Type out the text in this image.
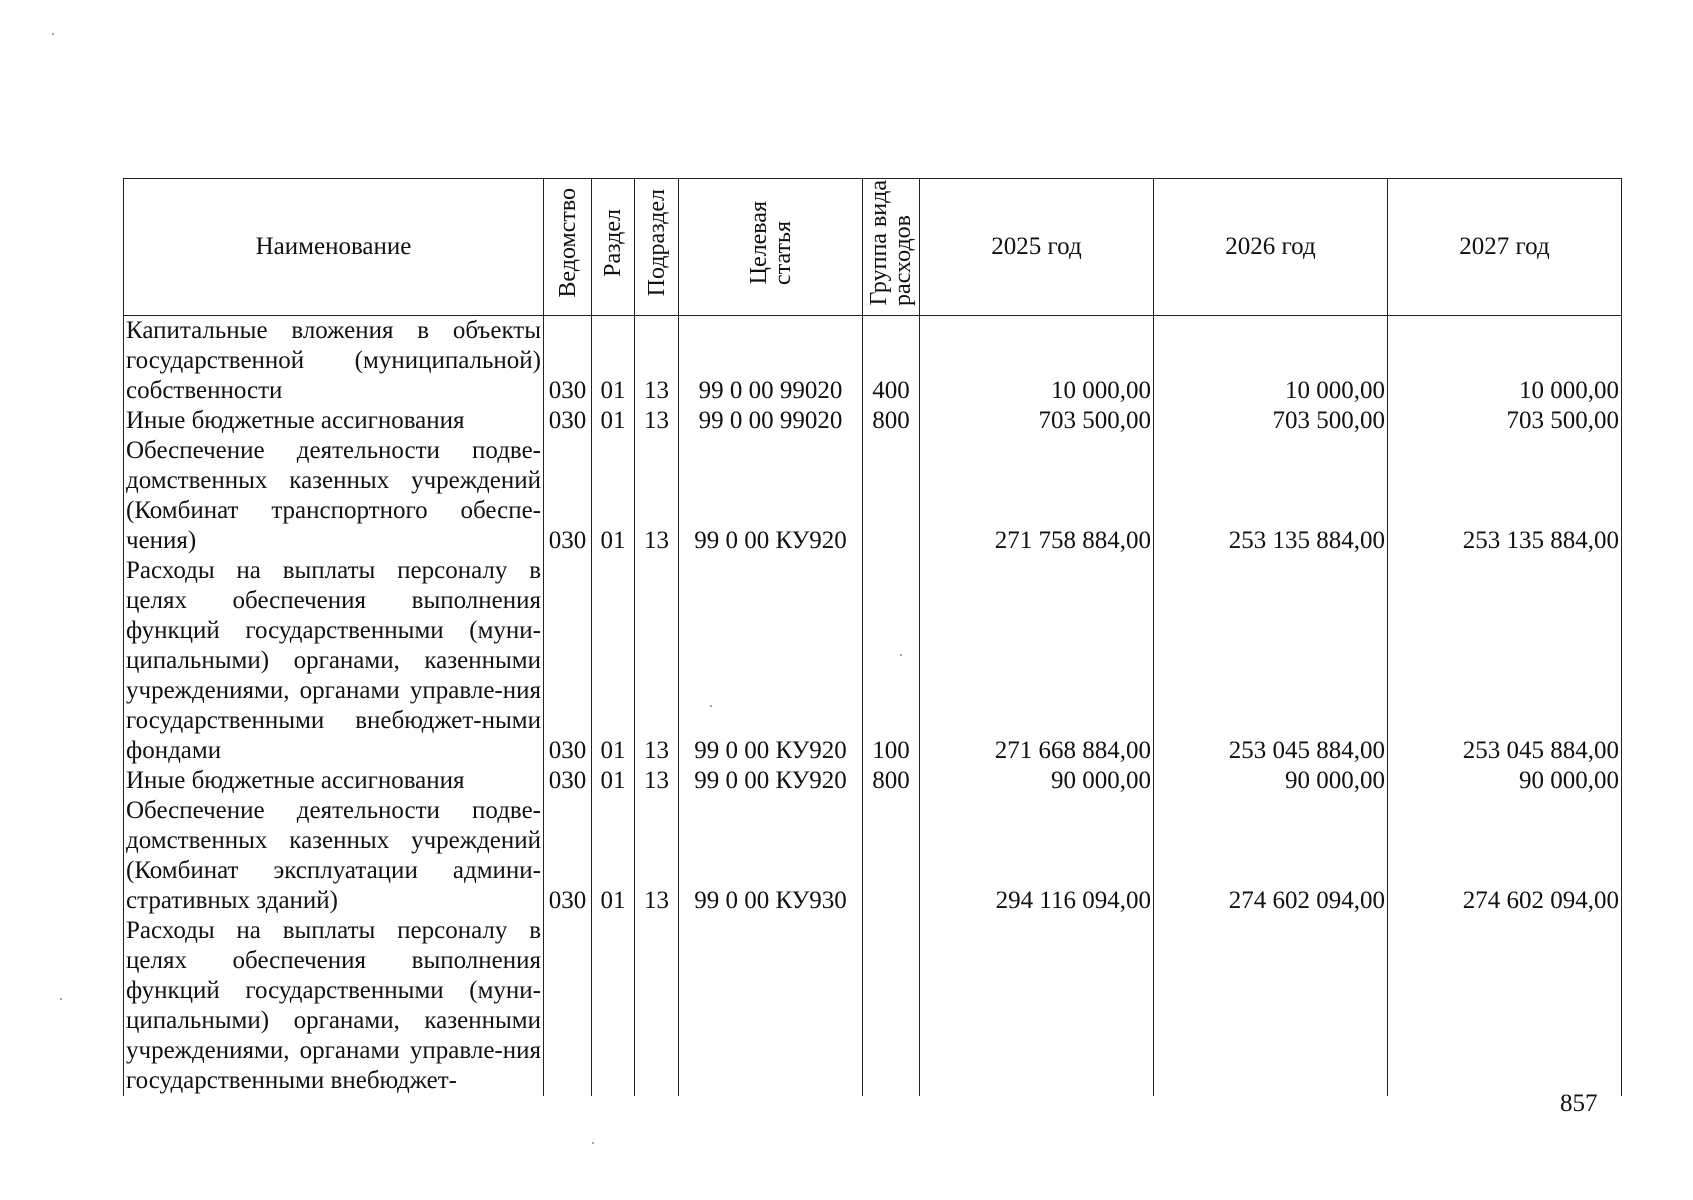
Наименование	Ведомство	Раздел	Подраздел	Целеваястатья	Группа видарасходов	2025 год	2026 год	2027 год
Капитальные вложения в объекты государственной (муниципальной) собственности	030	01	13	99 0 00 99020	400	10 000,00	10 000,00	10 000,00
Иные бюджетные ассигнования	030	01	13	99 0 00 99020	800	703 500,00	703 500,00	703 500,00
Обеспечение деятельности подве-домственных казенных учреждений (Комбинат транспортного обеспе-чения)	030	01	13	99 0 00 КУ920		271 758 884,00	253 135 884,00	253 135 884,00
Расходы на выплаты персоналу в целях обеспечения выполнения функций государственными (муни-ципальными) органами, казенными учреждениями, органами управле-ния государственными внебюджет-ными фондами	030	01	13	99 0 00 КУ920	100	271 668 884,00	253 045 884,00	253 045 884,00
Иные бюджетные ассигнования	030	01	13	99 0 00 КУ920	800	90 000,00	90 000,00	90 000,00
Обеспечение деятельности подве-домственных казенных учреждений (Комбинат эксплуатации админи-стративных зданий)	030	01	13	99 0 00 КУ930		294 116 094,00	274 602 094,00	274 602 094,00
Расходы на выплаты персоналу в целях обеспечения выполнения функций государственными (муни-ципальными) органами, казенными учреждениями, органами управле-ния государственными внебюджет-								
857
